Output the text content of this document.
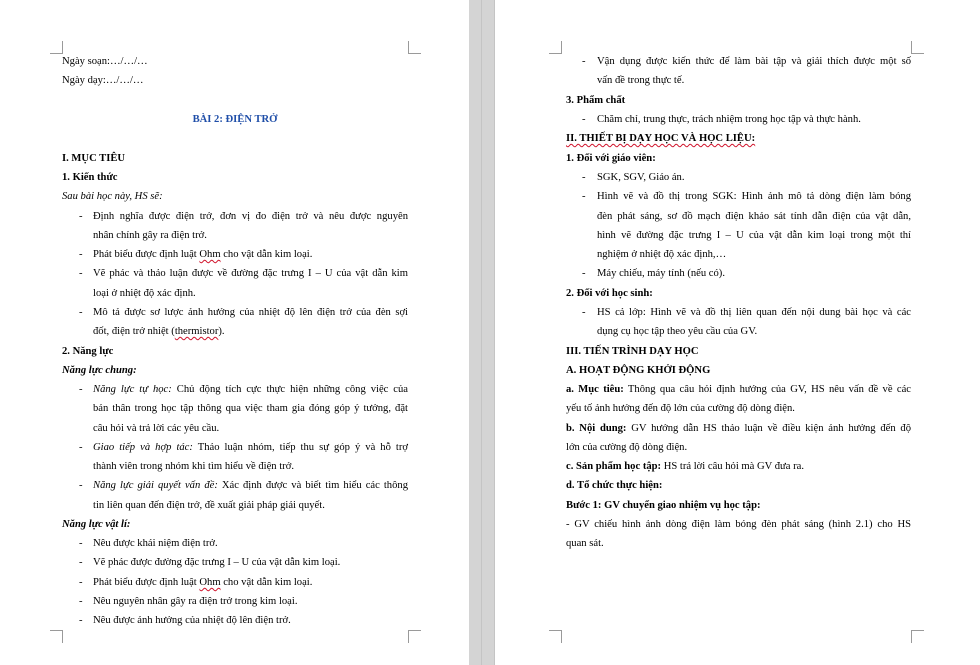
Ngày soạn:…/…/…
Ngày dạy:…/…/…
BÀI 2: ĐIỆN TRỞ
I. MỤC TIÊU
1. Kiến thức
Sau bài học này, HS sẽ:
- Định nghĩa được điện trở, đơn vị đo điện trở và nêu được nguyên
nhân chính gây ra điện trở.
- Phát biểu được định luật Ohm cho vật dẫn kim loại.
- Vẽ phác và thảo luận được về đường đặc trưng I – U của vật dẫn kim
loại ở nhiệt độ xác định.
- Mô tả được sơ lược ảnh hưởng của nhiệt độ lên điện trở của đèn sợi
đốt, điện trở nhiệt (thermistor).
2. Năng lực
Năng lực chung:
- Năng lực tự học: Chủ động tích cực thực hiện những công việc của
bản thân trong học tập thông qua việc tham gia đóng góp ý tưởng, đặt
câu hỏi và trả lời các yêu cầu.
- Giao tiếp và hợp tác: Thảo luận nhóm, tiếp thu sự góp ý và hỗ trợ
thành viên trong nhóm khi tìm hiểu về điện trở.
- Năng lực giải quyết vấn đề: Xác định được và biết tìm hiểu các thông
tin liên quan đến điện trở, đề xuất giải pháp giải quyết.
Năng lực vật lí:
- Nêu được khái niệm điện trở.
- Vẽ phác được đường đặc trưng I – U của vật dẫn kim loại.
- Phát biểu được định luật Ohm cho vật dẫn kim loại.
- Nêu nguyên nhân gây ra điện trở trong kim loại.
- Nêu được ảnh hưởng của nhiệt độ lên điện trở.
- Vận dụng được kiến thức để làm bài tập và giải thích được một số
vấn đề trong thực tế.
3. Phẩm chất
- Chăm chỉ, trung thực, trách nhiệm trong học tập và thực hành.
II. THIẾT BỊ DẠY HỌC VÀ HỌC LIỆU:
1. Đối với giáo viên:
- SGK, SGV, Giáo án.
- Hình vẽ và đồ thị trong SGK: Hình ảnh mô tả dòng điện làm bóng
đèn phát sáng, sơ đồ mạch điện khảo sát tính dẫn điện của vật dẫn,
hình vẽ đường đặc trưng I – U của vật dẫn kim loại trong một thí
nghiệm ở nhiệt độ xác định,…
- Máy chiếu, máy tính (nếu có).
2. Đối với học sinh:
- HS cả lớp: Hình vẽ và đồ thị liên quan đến nội dung bài học và các
dụng cụ học tập theo yêu cầu của GV.
III. TIẾN TRÌNH DẠY HỌC
A. HOẠT ĐỘNG KHỞI ĐỘNG
a. Mục tiêu: Thông qua câu hỏi định hướng của GV, HS nêu vấn đề về các
yếu tố ảnh hưởng đến độ lớn của cường độ dòng điện.
b. Nội dung: GV hướng dẫn HS thảo luận về điều kiện ảnh hưởng đến độ
lớn của cường độ dòng điện.
c. Sản phẩm học tập: HS trả lời câu hỏi mà GV đưa ra.
d. Tổ chức thực hiện:
Bước 1: GV chuyển giao nhiệm vụ học tập:
- GV chiếu hình ảnh dòng điện làm bóng đèn phát sáng (hình 2.1) cho HS
quan sát.
